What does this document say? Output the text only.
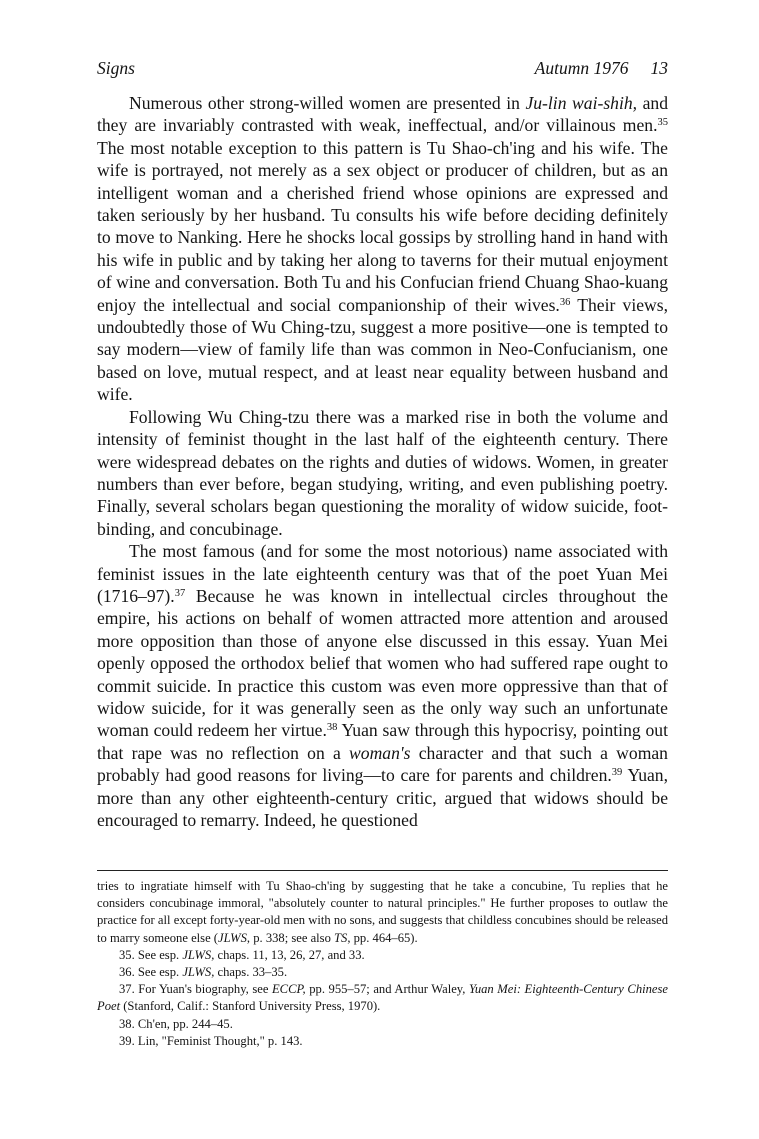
Signs	Autumn 1976 13

Numerous other strong-willed women are presented in Ju-lin wai-shih, and they are invariably contrasted with weak, ineffectual, and/or villainous men.$^{35}$ The most notable exception to this pattern is Tu Shao-ch'ing and his wife. The wife is portrayed, not merely as a sex object or producer of children, but as an intelligent woman and a cherished friend whose opinions are expressed and taken seriously by her husband. Tu consults his wife before deciding definitely to move to Nanking. Here he shocks local gossips by strolling hand in hand with his wife in public and by taking her along to taverns for their mutual enjoyment of wine and conversation. Both Tu and his Confucian friend Chuang Shao-kuang enjoy the intellectual and social companionship of their wives.$^{36}$ Their views, undoubtedly those of Wu Ching-tzu, suggest a more positive—one is tempted to say modern—view of family life than was common in Neo-Confucianism, one based on love, mutual respect, and at least near equality between husband and wife.

Following Wu Ching-tzu there was a marked rise in both the volume and intensity of feminist thought in the last half of the eighteenth century. There were widespread debates on the rights and duties of widows. Women, in greater numbers than ever before, began studying, writing, and even publishing poetry. Finally, several scholars began questioning the morality of widow suicide, foot-binding, and concubinage.

The most famous (and for some the most notorious) name associated with feminist issues in the late eighteenth century was that of the poet Yuan Mei (1716–97).$^{37}$ Because he was known in intellectual circles throughout the empire, his actions on behalf of women attracted more attention and aroused more opposition than those of anyone else discussed in this essay. Yuan Mei openly opposed the orthodox belief that women who had suffered rape ought to commit suicide. In practice this custom was even more oppressive than that of widow suicide, for it was generally seen as the only way such an unfortunate woman could redeem her virtue.$^{38}$ Yuan saw through this hypocrisy, pointing out that rape was no reflection on a woman's character and that such a woman probably had good reasons for living—to care for parents and children.$^{39}$ Yuan, more than any other eighteenth-century critic, argued that widows should be encouraged to remarry. Indeed, he questioned

tries to ingratiate himself with Tu Shao-ch'ing by suggesting that he take a concubine, Tu replies that he considers concubinage immoral, "absolutely counter to natural principles." He further proposes to outlaw the practice for all except forty-year-old men with no sons, and suggests that childless concubines should be released to marry someone else (JLWS, p. 338; see also TS, pp. 464–65).

35. See esp. JLWS, chaps. 11, 13, 26, 27, and 33.

36. See esp. JLWS, chaps. 33–35.

37. For Yuan's biography, see ECCP, pp. 955–57; and Arthur Waley, Yuan Mei: Eighteenth-Century Chinese Poet (Stanford, Calif.: Stanford University Press, 1970).

38. Ch'en, pp. 244–45.

39. Lin, "Feminist Thought," p. 143.
